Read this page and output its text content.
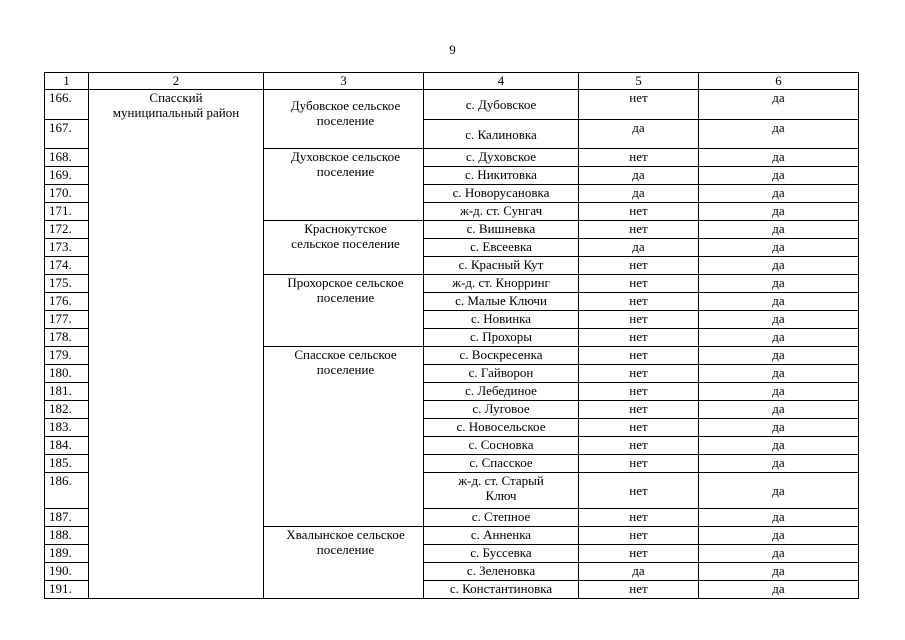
9
1	2	3	4	5	6
166.	Спасский муниципальный район	Дубовское сельское поселение	с. Дубовское	нет	да
167.			с. Калиновка	да	да
168.		Духовское сельское поселение	с. Духовское	нет	да
169.			с. Никитовка	да	да
170.			с. Новорусановка	да	да
171.			ж-д. ст. Сунгач	нет	да
172.		Краснокутское сельское поселение	с. Вишневка	нет	да
173.			с. Евсеевка	да	да
174.			с. Красный Кут	нет	да
175.		Прохорское сельское поселение	ж-д. ст. Кнорринг	нет	да
176.			с. Малые Ключи	нет	да
177.			с. Новинка	нет	да
178.			с. Прохоры	нет	да
179.		Спасское сельское поселение	с. Воскресенка	нет	да
180.			с. Гайворон	нет	да
181.			с. Лебединое	нет	да
182.			с. Луговое	нет	да
183.			с. Новосельское	нет	да
184.			с. Сосновка	нет	да
185.			с. Спасское	нет	да
186.			ж-д. ст. Старый Ключ	нет	да
187.			с. Степное	нет	да
188.		Хвалынское сельское поселение	с. Анненка	нет	да
189.			с. Буссевка	нет	да
190.			с. Зеленовка	да	да
191.			с. Константиновка	нет	да
